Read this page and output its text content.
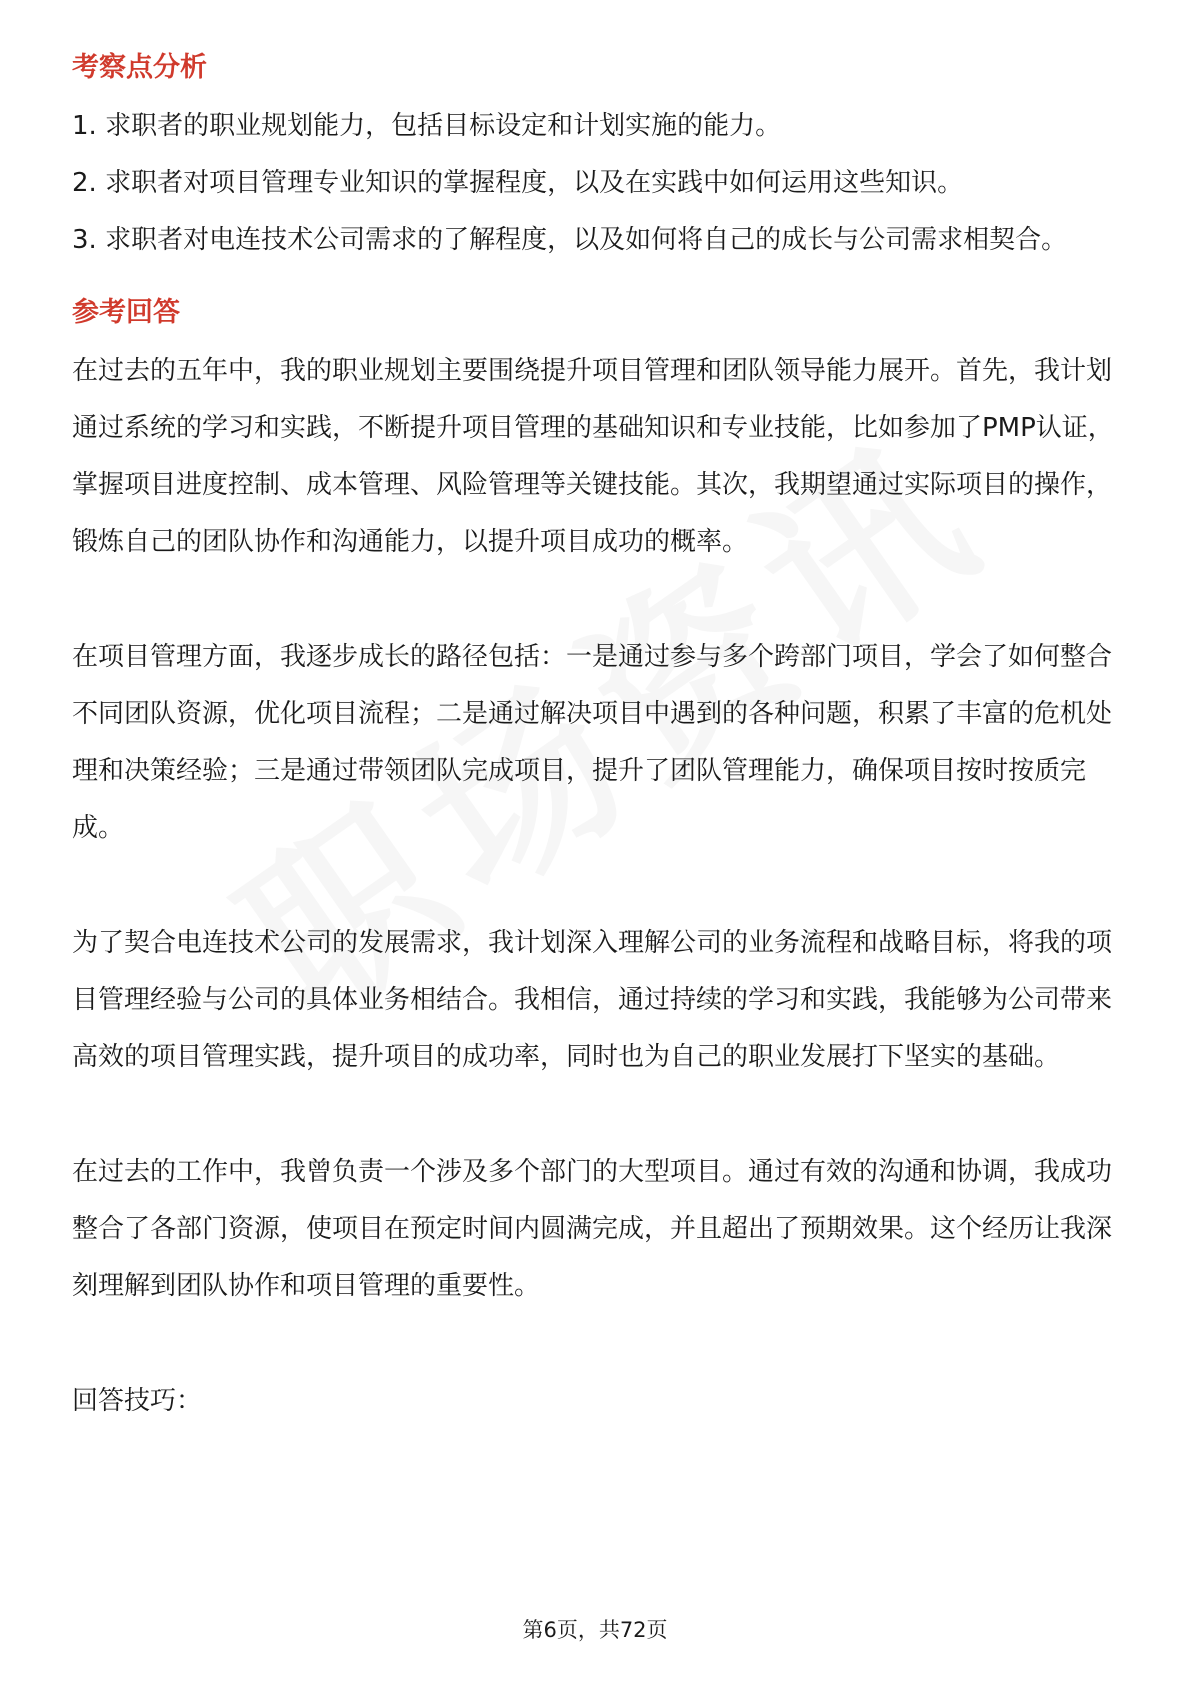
考察点分析

1. 求职者的职业规划能力，包括目标设定和计划实施的能力。

2. 求职者对项目管理专业知识的掌握程度，以及在实践中如何运用这些知识。

3. 求职者对电连技术公司需求的了解程度，以及如何将自己的成长与公司需求相契合。

参考回答

在过去的五年中，我的职业规划主要围绕提升项目管理和团队领导能力展开。首先，我计划通过系统的学习和实践，不断提升项目管理的基础知识和专业技能，比如参加了PMP认证，掌握项目进度控制、成本管理、风险管理等关键技能。其次，我期望通过实际项目的操作，锻炼自己的团队协作和沟通能力，以提升项目成功的概率。

在项目管理方面，我逐步成长的路径包括：一是通过参与多个跨部门项目，学会了如何整合不同团队资源，优化项目流程；二是通过解决项目中遇到的各种问题，积累了丰富的危机处理和决策经验；三是通过带领团队完成项目，提升了团队管理能力，确保项目按时按质完成。

为了契合电连技术公司的发展需求，我计划深入理解公司的业务流程和战略目标，将我的项目管理经验与公司的具体业务相结合。我相信，通过持续的学习和实践，我能够为公司带来高效的项目管理实践，提升项目的成功率，同时也为自己的职业发展打下坚实的基础。

在过去的工作中，我曾负责一个涉及多个部门的大型项目。通过有效的沟通和协调，我成功整合了各部门资源，使项目在预定时间内圆满完成，并且超出了预期效果。这个经历让我深刻理解到团队协作和项目管理的重要性。

回答技巧：

第6页，共72页
